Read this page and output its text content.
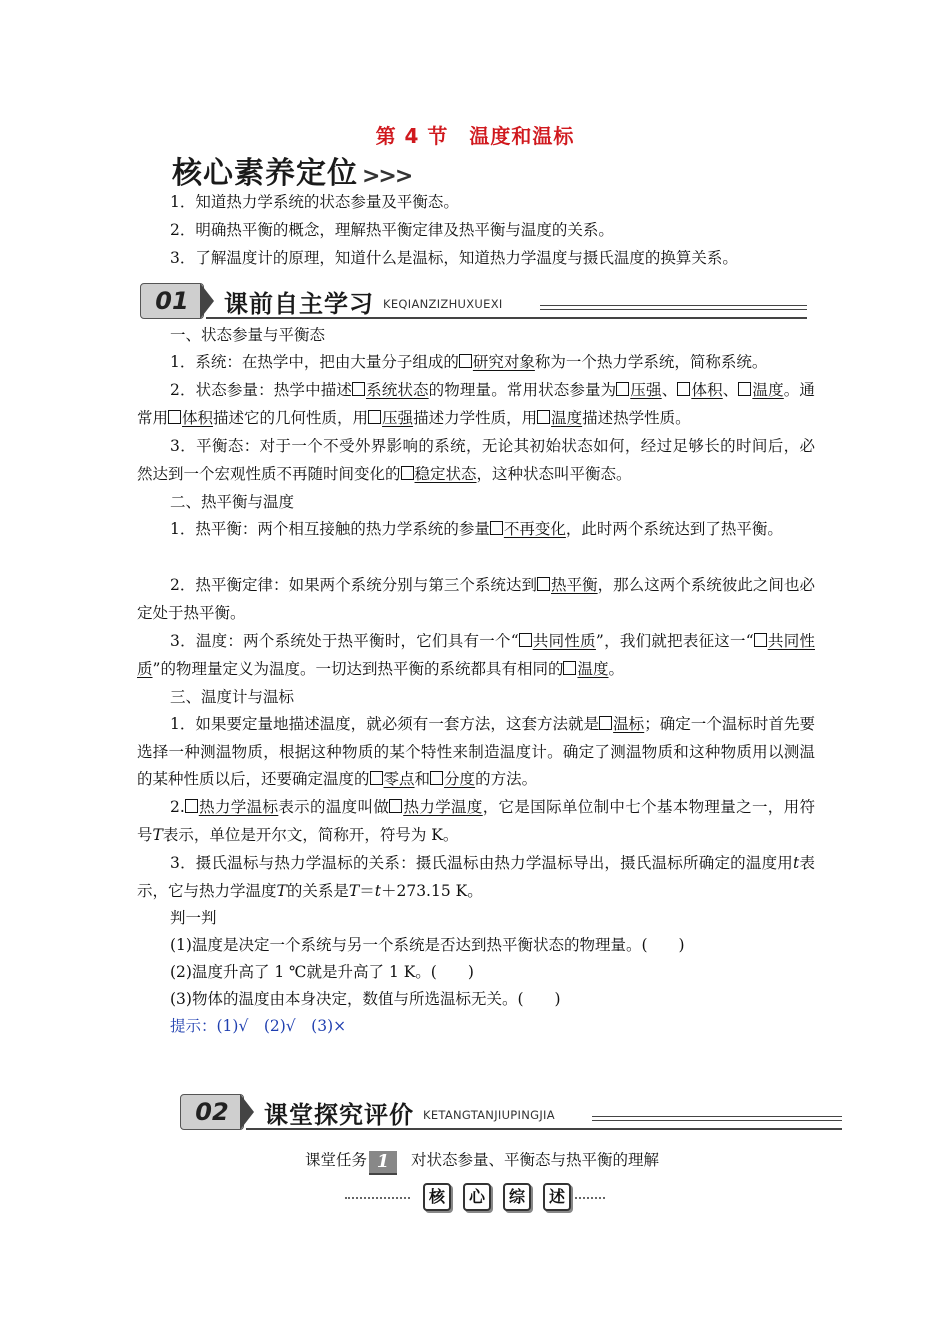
第 4 节　温度和温标
核心素养定位 >>>
1．知道热力学系统的状态参量及平衡态。
2．明确热平衡的概念，理解热平衡定律及热平衡与温度的关系。
3．了解温度计的原理，知道什么是温标，知道热力学温度与摄氏温度的换算关系。
01	课前自主学习 KEQIANZIZHUXUEXI
一、状态参量与平衡态
1．系统：在热学中，把由大量分子组成的 研究对象称为一个热力学系统，简称系统。
2．状态参量：热学中描述 系统状态的物理量。常用状态参量为 压强、 体积、 温度。通常用 体积描述它的几何性质，用 压强描述力学性质，用 温度描述热学性质。
3．平衡态：对于一个不受外界影响的系统，无论其初始状态如何，经过足够长的时间后，必然达到一个宏观性质不再随时间变化的 稳定状态，这种状态叫平衡态。
二、热平衡与温度
1．热平衡：两个相互接触的热力学系统的参量 不再变化，此时两个系统达到了热平衡。
2．热平衡定律：如果两个系统分别与第三个系统达到 热平衡，那么这两个系统彼此之间也必定处于热平衡。
3．温度：两个系统处于热平衡时，它们具有一个“ 共同性质”，我们就把表征这一“ 共同性质”的物理量定义为温度。一切达到热平衡的系统都具有相同的 温度。
三、温度计与温标
1．如果要定量地描述温度，就必须有一套方法，这套方法就是 温标；确定一个温标时首先要选择一种测温物质，根据这种物质的某个特性来制造温度计。确定了测温物质和这种物质用以测温的某种性质以后，还要确定温度的 零点和 分度的方法。
2. 热力学温标表示的温度叫做 热力学温度，它是国际单位制中七个基本物理量之一，用符号T表示，单位是开尔文，简称开，符号为 K。
3．摄氏温标与热力学温标的关系：摄氏温标由热力学温标导出，摄氏温标所确定的温度用t表示，它与热力学温度T的关系是T＝t＋273.15 K。
判一判
(1)温度是决定一个系统与另一个系统是否达到热平衡状态的物理量。(　　)
(2)温度升高了 1 ℃就是升高了 1 K。(　　)
(3)物体的温度由本身决定，数值与所选温标无关。(　　)
提示：(1)√　(2)√　(3)×
02	课堂探究评价 KETANGTANJIUPINGJIA
课堂任务 1 对状态参量、平衡态与热平衡的理解
核	心	综	述
